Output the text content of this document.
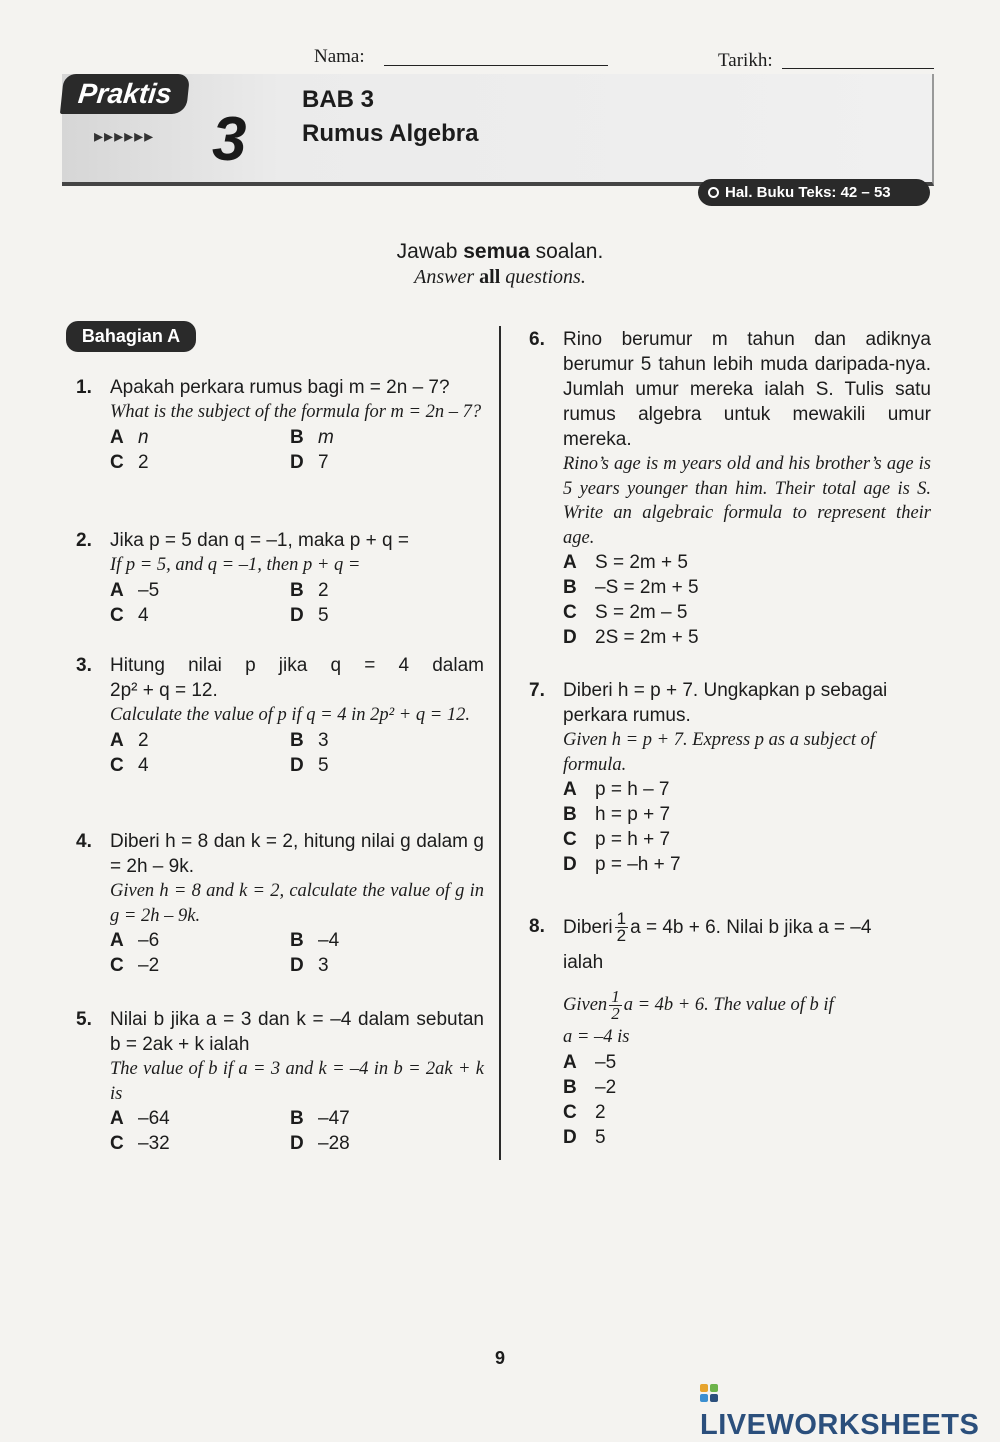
Nama:	Tarikh:
Praktis
▸▸▸▸▸▸ 3
BAB 3
Rumus Algebra
Hal. Buku Teks: 42 – 53
Jawab semua soalan.
Answer all questions.
Bahagian A
1. Apakah perkara rumus bagi m = 2n – 7?
What is the subject of the formula for m = 2n – 7?
A n	B m
C 2	D 7
2. Jika p = 5 dan q = –1, maka p + q =
If p = 5, and q = –1, then p + q =
A –5	B 2
C 4	D 5
3. Hitung nilai p jika q = 4 dalam
2p² + q = 12.
Calculate the value of p if q = 4 in 2p² + q = 12.
A 2	B 3
C 4	D 5
4. Diberi h = 8 dan k = 2, hitung nilai g dalam g = 2h – 9k.
Given h = 8 and k = 2, calculate the value of g in g = 2h – 9k.
A –6	B –4
C –2	D 3
5. Nilai b jika a = 3 dan k = –4 dalam sebutan b = 2ak + k ialah
The value of b if a = 3 and k = –4 in b = 2ak + k is
A –64	B –47
C –32	D –28
6. Rino berumur m tahun dan adiknya berumur 5 tahun lebih muda daripada-nya. Jumlah umur mereka ialah S. Tulis satu rumus algebra untuk mewakili umur mereka.
Rino’s age is m years old and his brother’s age is 5 years younger than him. Their total age is S. Write an algebraic formula to represent their age.
A S = 2m + 5
B –S = 2m + 5
C S = 2m – 5
D 2S = 2m + 5
7. Diberi h = p + 7. Ungkapkan p sebagai perkara rumus.
Given h = p + 7. Express p as a subject of formula.
A p = h – 7
B h = p + 7
C p = h + 7
D p = –h + 7
8. Diberi $\frac{1}{2}$ a = 4b + 6. Nilai b jika a = –4
ialah
Given $\frac{1}{2}$ a = 4b + 6. The value of b if
a = –4 is
A –5
B –2
C 2
D 5
9
LIVEWORKSHEETS
